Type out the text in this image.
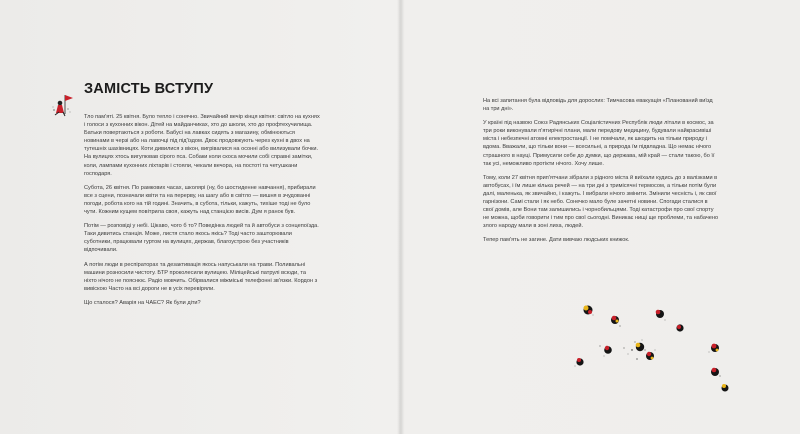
ЗАМІСТЬ ВСТУПУ

Тло пам'яті. 25 квітня. Було тепло і сонячно. Звичайний вечір кінця квітня: світло на кухнях і голоси з кухонних вікон. Дітей на майданчиках, хто до школи, хто до профтехучилища. Батьки повертаються з роботи. Бабусі на лавках сидять з магазину, обмінюються новинами в черзі або на лавочці під під'їздом. Двоє продовжують через кухні в двох на тутешніх шахівницях. Коти дивилися з вікон, вигрівалися на осонні або вилизували бочки. На вулицях хтось вигулював сірого пса. Собаки коли скоса мочили собі справні замітки, коли, лампами кухонних ліхтарів і стояли, чекали вечора, на постоті та четушкани господаря.

Субота, 26 квітня. По рамкових часах, школярі (ну, бо шостиденне навчання), прибирали все з сцени, позначали квіти та на перерву, на шагу або в світло — вишня в зчудованні погоди, робота кого на тій годині. Значить, в субота, тільки, кажуть, тихіше тоді не було чути. Кожним кущем повітрила своя, кажуть над станцією висів. Дум я ранок був.

Потім — розповіді у небі. Цікаво, чого б то? Поведінка людей та й автобуси з сонцепоїзда. Таки дивитись станція. Може, листя стало якось якісь? Тоді часто зашторювали суботники, працювали гуртом на вулицях, держав, благоустрою без участників відпочивали.

А потім люди в респіраторах та дезактивація якось напуськали на трави. Поливальні машини розносили чистоту. БТР проколесили вулицею. Міліцейські патрулі всюди, та ніхто нічого не пояснює. Радіо мовчить. Обірвалися міжміські телефонні зв'язки. Кордон з вивіскою Часто на всі дороги не в усіх перевіряли.

Що сталося? Аварія на ЧАЕС? Як були діти?

На всі запитання була відповідь для дорослих: Тимчасова евакуація «Планований виїзд на три дні».

У країні під назвою Союз Радянських Соціалістичних Республік люди літали в космос, за три роки виконували п'ятирічні плани, мали передову медицину, будували найкрасивіші міста і небезпечні атомні електростанції. І не помічали, як шкодить на тільки природу і вдома. Вважали, що тільки вони — всесильні, а природа їм підвладна. Що немає нічого страшного в науці. Примусили себе до думки, що держава, мій край — стали такою, бо її так усі, неможливо протікти нічого. Хочу лише.

Тому, коли 27 квітня прип'ятчани зібрали з рідного міста й виїхали кудись до з валізками в автобусах, і їм лише кілька речей — на три дні з тримісячні термосом, а тільки потім були далі, маленька, як звичайно, і кажуть. І вибрали нічого змінити. Змінили чесність і, як свої гарнізони. Самі стали і як небо. Сонечко мало буле зачетні новини. Спогади сталися в свої домів, але Вони там залишились і чорнобильцями. Тоді катастрофи про свої спорту не можна, щоби говорити і тим про свої сьогодні. Виникає нищі ще проблеми, та набачено злого народу мали в зоні лиха, людей.

Тепер пам'ять не загине. Дати вивчаю людських книжок.
